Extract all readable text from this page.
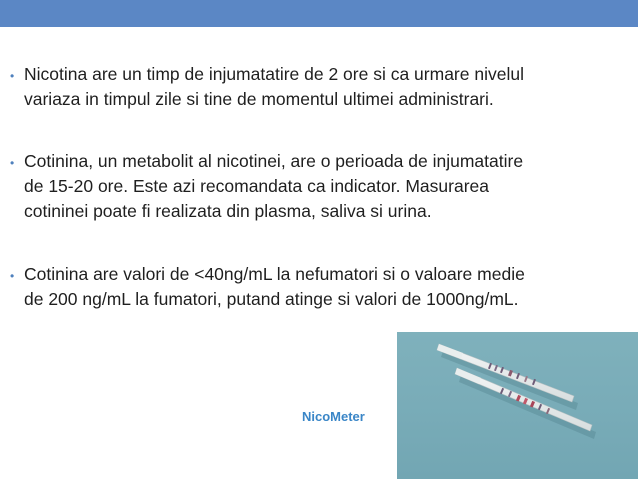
• Nicotina are un timp de injumatatire de 2 ore si ca urmare nivelul
variaza in timpul zile si tine de momentul ultimei administrari.
• Cotinina, un metabolit al nicotinei, are o perioada de injumatatire
de 15-20 ore. Este azi recomandata ca indicator. Masurarea
cotininei poate fi realizata din plasma, saliva si urina.
• Cotinina are valori de <40ng/mL la nefumatori si o valoare medie
de 200 ng/mL la fumatori, putand atinge si valori de 1000ng/mL.
NicoMeter
